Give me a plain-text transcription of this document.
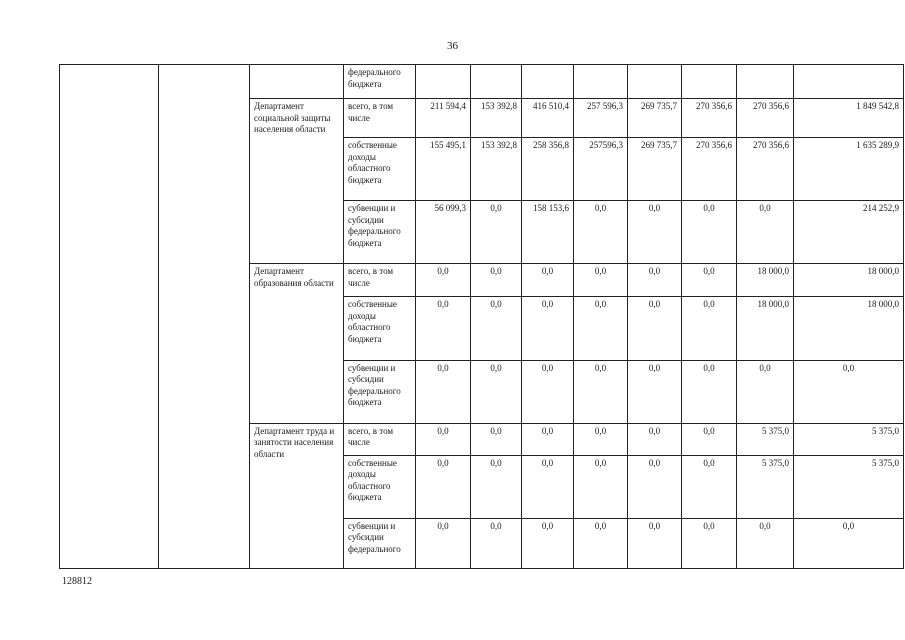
36
			федерального бюджета								
		Департамент социальной защиты населения области	всего, в том числе	211 594,4	153 392,8	416 510,4	257 596,3	269 735,7	270 356,6	270 356,6	1 849 542,8
			собственные доходы областного бюджета	155 495,1	153 392,8	258 356,8	257596,3	269 735,7	270 356,6	270 356,6	1 635 289,9
			субвенции и субсидии федерального бюджета	56 099,3	0,0	158 153,6	0,0	0,0	0,0	0,0	214 252,9
		Департамент образования области	всего, в том числе	0,0	0,0	0,0	0,0	0,0	0,0	18 000,0	18 000,0
			собственные доходы областного бюджета	0,0	0,0	0,0	0,0	0,0	0,0	18 000,0	18 000,0
			субвенции и субсидии федерального бюджета	0,0	0,0	0,0	0,0	0,0	0,0	0,0	0,0
		Департамент труда и занятости населения области	всего, в том числе	0,0	0,0	0,0	0,0	0,0	0,0	5 375,0	5 375,0
			собственные доходы областного бюджета	0,0	0,0	0,0	0,0	0,0	0,0	5 375,0	5 375,0
			субвенции и субсидии федерального	0,0	0,0	0,0	0,0	0,0	0,0	0,0	0,0
128812
